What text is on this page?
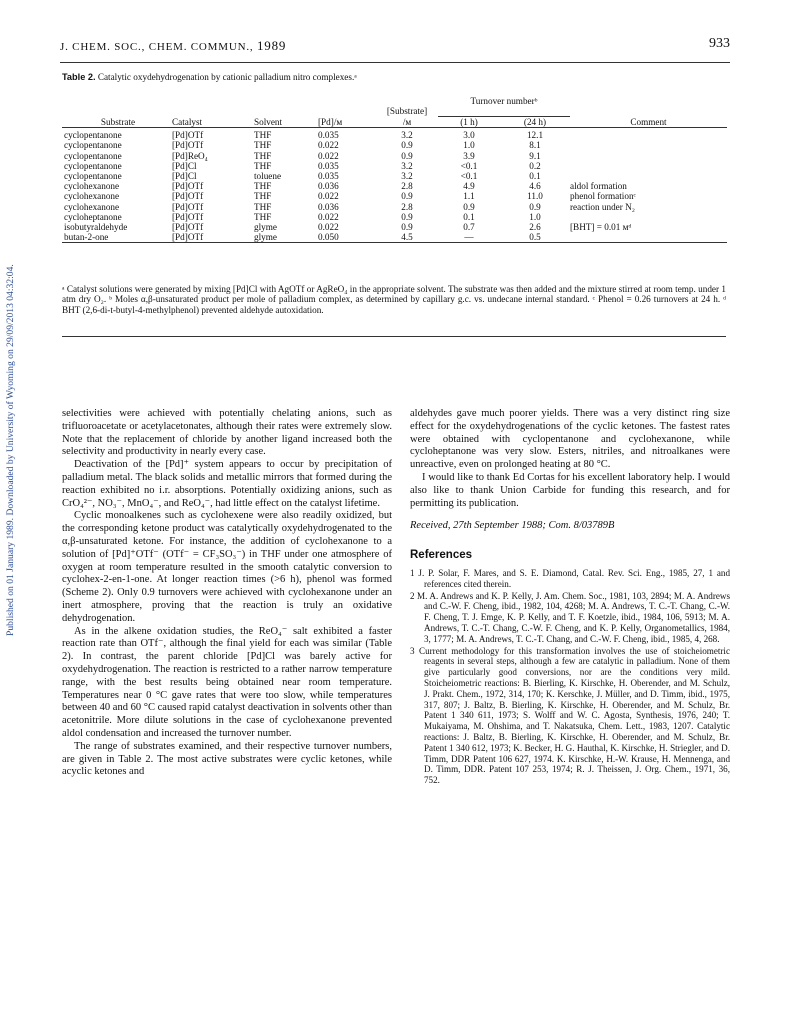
J. CHEM. SOC., CHEM. COMMUN., 1989	933
Published on 01 January 1989. Downloaded by University of Wyoming on 29/09/2013 04:32:04.
Table 2. Catalytic oxydehydrogenation by cationic palladium nitro complexes.ᵃ
					Turnover numberᵇ		
				[Substrate]			
Substrate	Catalyst	Solvent	[Pd]/м	/м	(1 h)	(24 h)	Comment

cyclopentanone	[Pd]OTf	THF	0.035	3.2	3.0	12.1	
cyclopentanone	[Pd]OTf	THF	0.022	0.9	1.0	8.1	
cyclopentanone	[Pd]ReO₄	THF	0.022	0.9	3.9	9.1	
cyclopentanone	[Pd]Cl	THF	0.035	3.2	<0.1	0.2	
cyclopentanone	[Pd]Cl	toluene	0.035	3.2	<0.1	0.1	
cyclohexanone	[Pd]OTf	THF	0.036	2.8	4.9	4.6	aldol formation
cyclohexanone	[Pd]OTf	THF	0.022	0.9	1.1	11.0	phenol formationᶜ
cyclohexanone	[Pd]OTf	THF	0.036	2.8	0.9	0.9	reaction under N₂
cycloheptanone	[Pd]OTf	THF	0.022	0.9	0.1	1.0	
isobutyraldehyde	[Pd]OTf	glyme	0.022	0.9	0.7	2.6	[BHT] = 0.01 мᵈ
butan-2-one	[Pd]OTf	glyme	0.050	4.5	—	0.5	

ᵃ Catalyst solutions were generated by mixing [Pd]Cl with AgOTf or AgReO₄ in the appropriate solvent. The substrate was then added and the mixture stirred at room temp. under 1 atm dry O₂. ᵇ Moles α,β-unsaturated product per mole of palladium complex, as determined by capillary g.c. vs. undecane internal standard. ᶜ Phenol = 0.26 turnovers at 24 h. ᵈ BHT (2,6-di-t-butyl-4-methylphenol) prevented aldehyde autoxidation.

selectivities were achieved with potentially chelating anions, such as trifluoroacetate or acetylacetonates, although their rates were extremely slow. Note that the replacement of chloride by another ligand increased both the selectivity and productivity in nearly every case.

Deactivation of the [Pd]⁺ system appears to occur by precipitation of palladium metal. The black solids and metallic mirrors that formed during the reaction exhibited no i.r. absorptions. Potentially oxidizing anions, such as CrO₄²⁻, NO₃⁻, MnO₄⁻, and ReO₄⁻, had little effect on the catalyst lifetime.

Cyclic monoalkenes such as cyclohexene were also readily oxidized, but the corresponding ketone product was catalytically oxydehydrogenated to the α,β-unsaturated ketone. For instance, the addition of cyclohexanone to a solution of [Pd]⁺OTf⁻ (OTf⁻ = CF₃SO₃⁻) in THF under one atmosphere of oxygen at room temperature resulted in the smooth catalytic conversion to cyclohex-2-en-1-one. At longer reaction times (>6 h), phenol was formed (Scheme 2). Only 0.9 turnovers were achieved with cyclohexanone under an inert atmosphere, proving that the reaction is truly an oxidative dehydrogenation.

As in the alkene oxidation studies, the ReO₄⁻ salt exhibited a faster reaction rate than OTf⁻, although the final yield for each was similar (Table 2). In contrast, the parent chloride [Pd]Cl was barely active for oxydehydrogenation. The reaction is restricted to a rather narrow temperature range, with the best results being obtained near room temperature. Temperatures near 0 °C gave rates that were too slow, while temperatures between 40 and 60 °C caused rapid catalyst deactivation in solvents other than acetonitrile. More dilute solutions in the case of cyclohexanone prevented aldol condensation and increased the turnover number.

The range of substrates examined, and their respective turnover numbers, are given in Table 2. The most active substrates were cyclic ketones, while acyclic ketones and

aldehydes gave much poorer yields. There was a very distinct ring size effect for the oxydehydrogenations of the cyclic ketones. The fastest rates were obtained with cyclopentanone and cyclohexanone, while cycloheptanone was very slow. Esters, nitriles, and nitroalkanes were unreactive, even on prolonged heating at 80 °C.

I would like to thank Ed Cortas for his excellent laboratory help. I would also like to thank Union Carbide for funding this research, and for permitting its publication.

Received, 27th September 1988; Com. 8/03789B

References
1 J. P. Solar, F. Mares, and S. E. Diamond, Catal. Rev. Sci. Eng., 1985, 27, 1 and references cited therein.
2 M. A. Andrews and K. P. Kelly, J. Am. Chem. Soc., 1981, 103, 2894; M. A. Andrews and C.-W. F. Cheng, ibid., 1982, 104, 4268; M. A. Andrews, T. C.-T. Chang, C.-W. F. Cheng, T. J. Emge, K. P. Kelly, and T. F. Koetzle, ibid., 1984, 106, 5913; M. A. Andrews, T. C.-T. Chang, C.-W. F. Cheng, and K. P. Kelly, Organometallics, 1984, 3, 1777; M. A. Andrews, T. C.-T. Chang, and C.-W. F. Cheng, ibid., 1985, 4, 268.
3 Current methodology for this transformation involves the use of stoicheiometric reagents in several steps, although a few are catalytic in palladium. None of them give particularly good conversions, nor are the conditions very mild. Stoicheiometric reactions: B. Bierling, K. Kirschke, H. Oberender, and M. Schulz, J. Prakt. Chem., 1972, 314, 170; K. Kerschke, J. Müller, and D. Timm, ibid., 1975, 317, 807; J. Baltz, B. Bierling, K. Kirschke, H. Oberender, and M. Schulz, Br. Patent 1 340 611, 1973; S. Wolff and W. C. Agosta, Synthesis, 1976, 240; T. Mukaiyama, M. Ohshima, and T. Nakatsuka, Chem. Lett., 1983, 1207. Catalytic reactions: J. Baltz, B. Bierling, K. Kirschke, H. Oberender, and M. Schulz, Br. Patent 1 340 612, 1973; K. Becker, H. G. Hauthal, K. Kirschke, H. Striegler, and D. Timm, DDR Patent 106 627, 1974. K. Kirschke, H.-W. Krause, H. Mennenga, and D. Timm, DDR. Patent 107 253, 1974; R. J. Theissen, J. Org. Chem., 1971, 36, 752.
